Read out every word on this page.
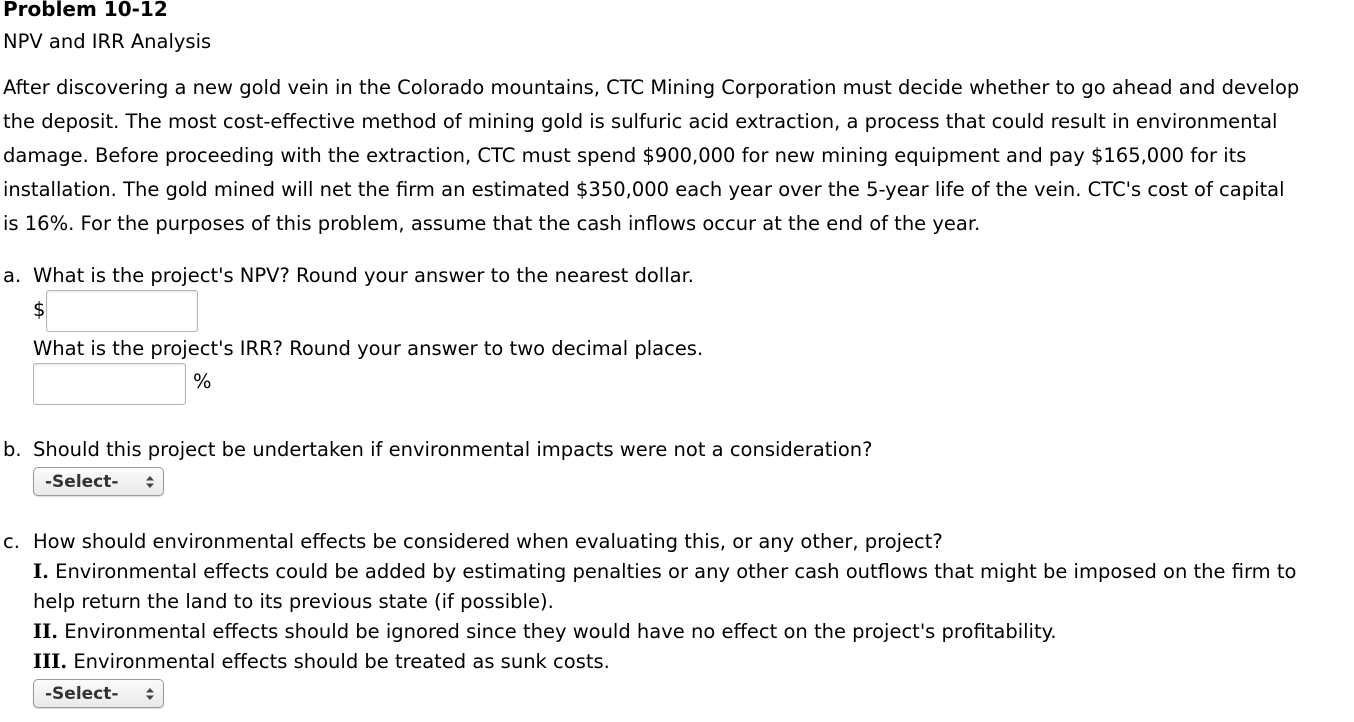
Problem 10-12
NPV and IRR Analysis
After discovering a new gold vein in the Colorado mountains, CTC Mining Corporation must decide whether to go ahead and develop
the deposit. The most cost-effective method of mining gold is sulfuric acid extraction, a process that could result in environmental
damage. Before proceeding with the extraction, CTC must spend $900,000 for new mining equipment and pay $165,000 for its
installation. The gold mined will net the firm an estimated $350,000 each year over the 5-year life of the vein. CTC's cost of capital
is 16%. For the purposes of this problem, assume that the cash inflows occur at the end of the year.
a. What is the project's NPV? Round your answer to the nearest dollar.
$
What is the project's IRR? Round your answer to two decimal places.
%
b. Should this project be undertaken if environmental impacts were not a consideration?
-Select-
c. How should environmental effects be considered when evaluating this, or any other, project?
I. Environmental effects could be added by estimating penalties or any other cash outflows that might be imposed on the firm to
help return the land to its previous state (if possible).
II. Environmental effects should be ignored since they would have no effect on the project's profitability.
III. Environmental effects should be treated as sunk costs.
-Select-
